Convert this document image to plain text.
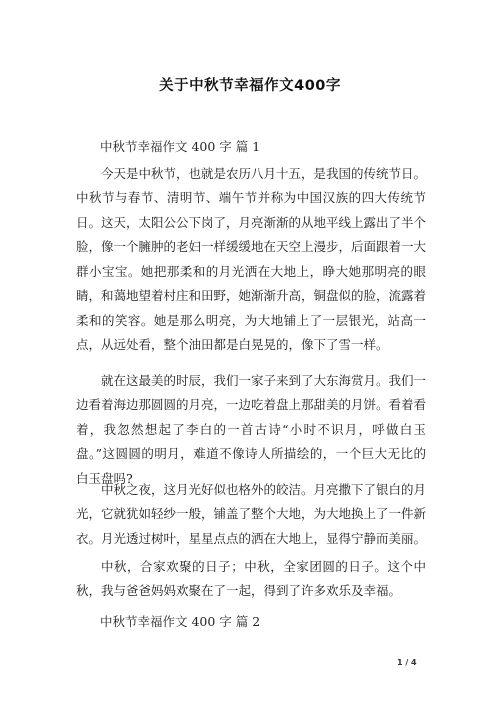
关于中秋节幸福作文400字
中秋节幸福作文 400 字 篇 1

今天是中秋节，也就是农历八月十五，是我国的传统节日。中秋节与春节、清明节、端午节并称为中国汉族的四大传统节日。 这天，太阳公公下岗了，月亮渐渐的从地平线上露出了半个脸，像一个臃肿的老妇一样缓缓地在天空上漫步，后面跟着一大群小宝宝。她把那柔和的月光洒在大地上，睁大她那明亮的眼睛，和蔼地望着村庄和田野，她渐渐升高，铜盘似的脸，流露着柔和的笑容。她是那么明亮，为大地铺上了一层银光，站高一点，从远处看，整个油田都是白晃晃的，像下了雪一样。

就在这最美的时辰，我们一家子来到了大东海赏月。我们一边看着海边那圆圆的月亮，一边吃着盘上那甜美的月饼。看着看着，我忽然想起了李白的一首古诗“小时不识月，呼做白玉盘。”这圆圆的明月，难道不像诗人所描绘的，一个巨大无比的白玉盘吗?

中秋之夜，这月光好似也格外的皎洁。月亮撒下了银白的月光，它就犹如轻纱一般，铺盖了整个大地，为大地换上了一件新衣。月光透过树叶，星星点点的洒在大地上，显得宁静而美丽。

中秋，合家欢聚的日子；中秋，全家团圆的日子。这个中秋，我与爸爸妈妈欢聚在了一起，得到了许多欢乐及幸福。

中秋节幸福作文 400 字 篇 2
1 / 4
